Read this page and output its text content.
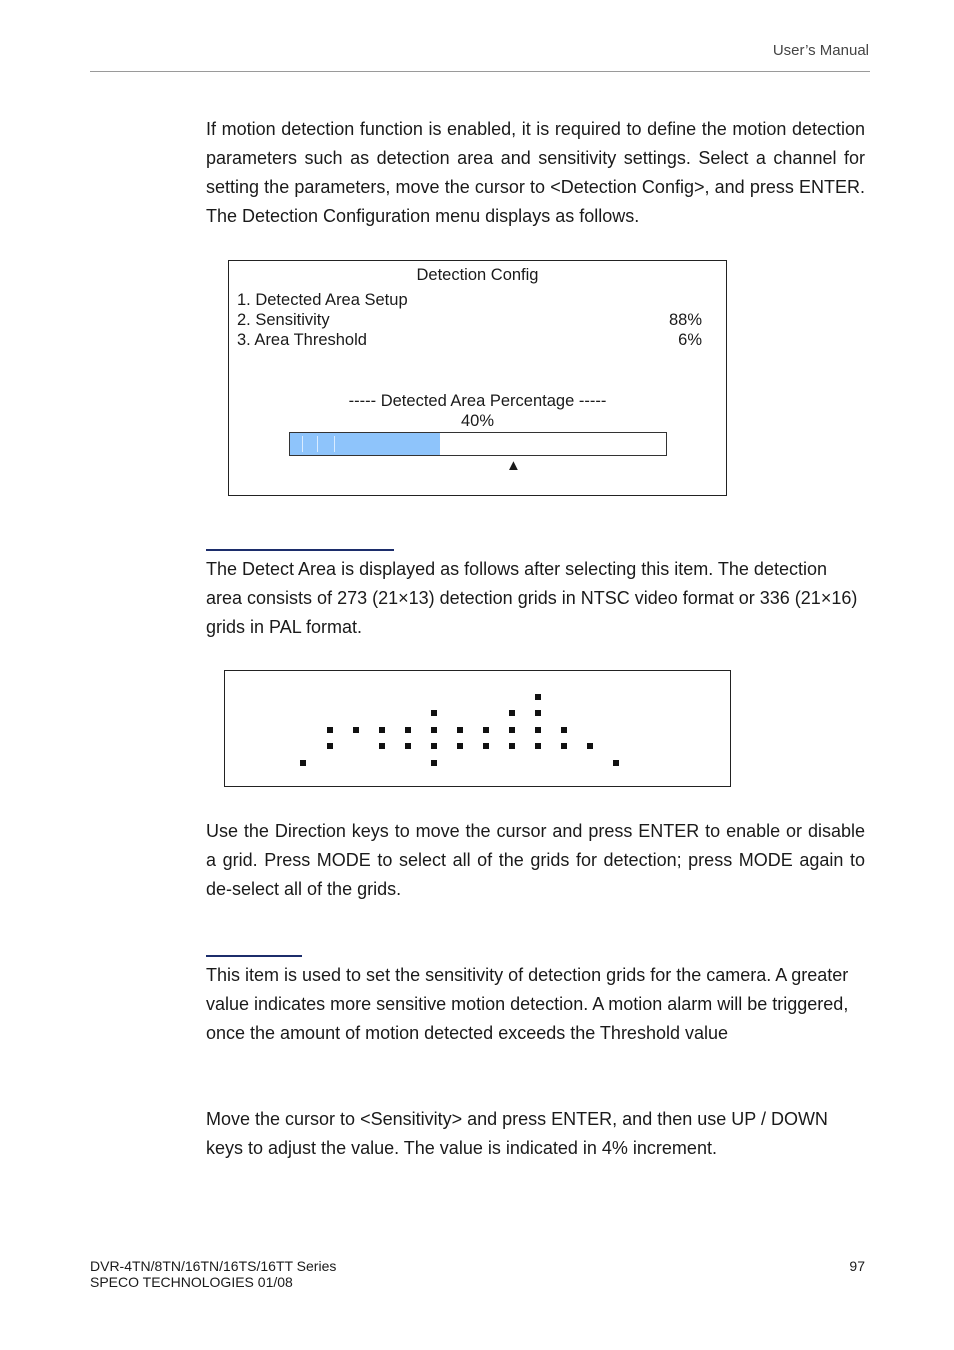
User’s Manual

If motion detection function is enabled, it is required to define the motion detection parameters such as detection area and sensitivity settings. Select a channel for setting the parameters, move the cursor to <Detection Config>, and press ENTER. The Detection Configuration menu displays as follows.

Detection Config
1. Detected Area Setup
2. Sensitivity	88%
3. Area Threshold	6%
----- Detected Area Percentage -----
40%
▲

The Detect Area is displayed as follows after selecting this item. The detection area consists of 273 (21×13) detection grids in NTSC video format or 336 (21×16) grids in PAL format.

Use the Direction keys to move the cursor and press ENTER to enable or disable a grid. Press MODE to select all of the grids for detection; press MODE again to de-select all of the grids.

This item is used to set the sensitivity of detection grids for the camera. A greater value indicates more sensitive motion detection. A motion alarm will be triggered, once the amount of motion detected exceeds the Threshold value

Move the cursor to <Sensitivity> and press ENTER, and then use UP / DOWN keys to adjust the value. The value is indicated in 4% increment.

DVR-4TN/8TN/16TN/16TS/16TT Series
SPECO TECHNOLOGIES 01/08
97
